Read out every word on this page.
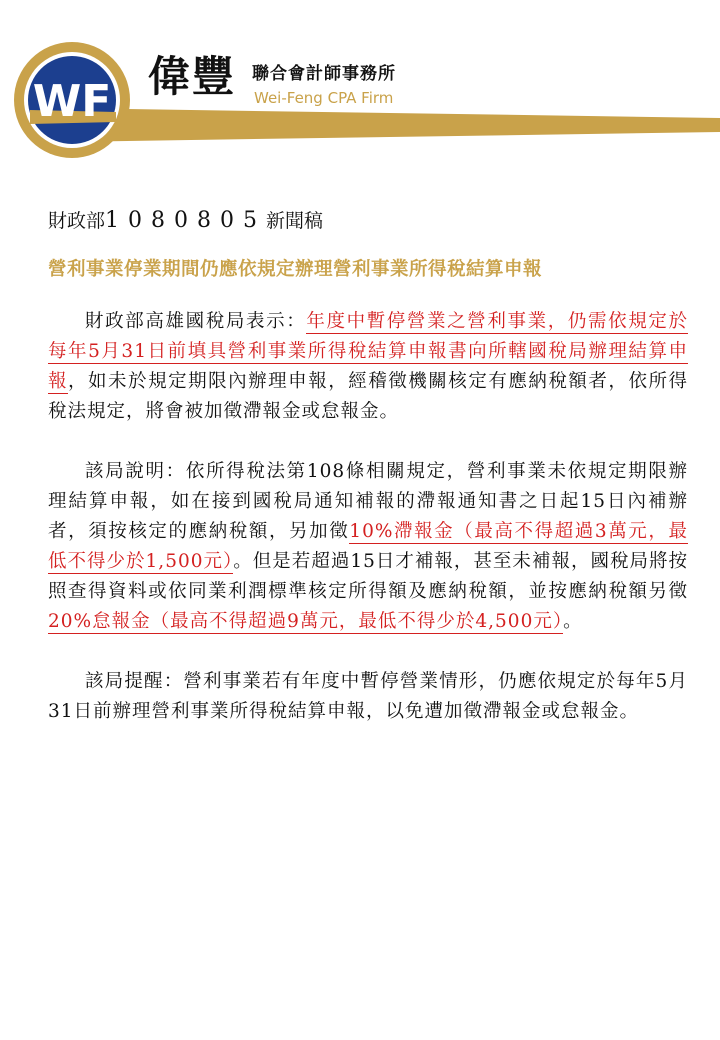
WF 偉豐 聯合會計師事務所
Wei-Feng CPA Firm
財政部1080805新聞稿
營利事業停業期間仍應依規定辦理營利事業所得稅結算申報

財政部高雄國稅局表示：年度中暫停營業之營利事業，仍需依規定於每年5月31日前填具營利事業所得稅結算申報書向所轄國稅局辦理結算申報，如未於規定期限內辦理申報，經稽徵機關核定有應納稅額者，依所得稅法規定，將會被加徵滯報金或怠報金。

該局說明：依所得稅法第108條相關規定，營利事業未依規定期限辦理結算申報，如在接到國稅局通知補報的滯報通知書之日起15日內補辦者，須按核定的應納稅額，另加徵10%滯報金（最高不得超過3萬元，最低不得少於1,500元）。但是若超過15日才補報，甚至未補報，國稅局將按照查得資料或依同業利潤標準核定所得額及應納稅額，並按應納稅額另徵20%怠報金（最高不得超過9萬元，最低不得少於4,500元）。

該局提醒：營利事業若有年度中暫停營業情形，仍應依規定於每年5月31日前辦理營利事業所得稅結算申報，以免遭加徵滯報金或怠報金。
